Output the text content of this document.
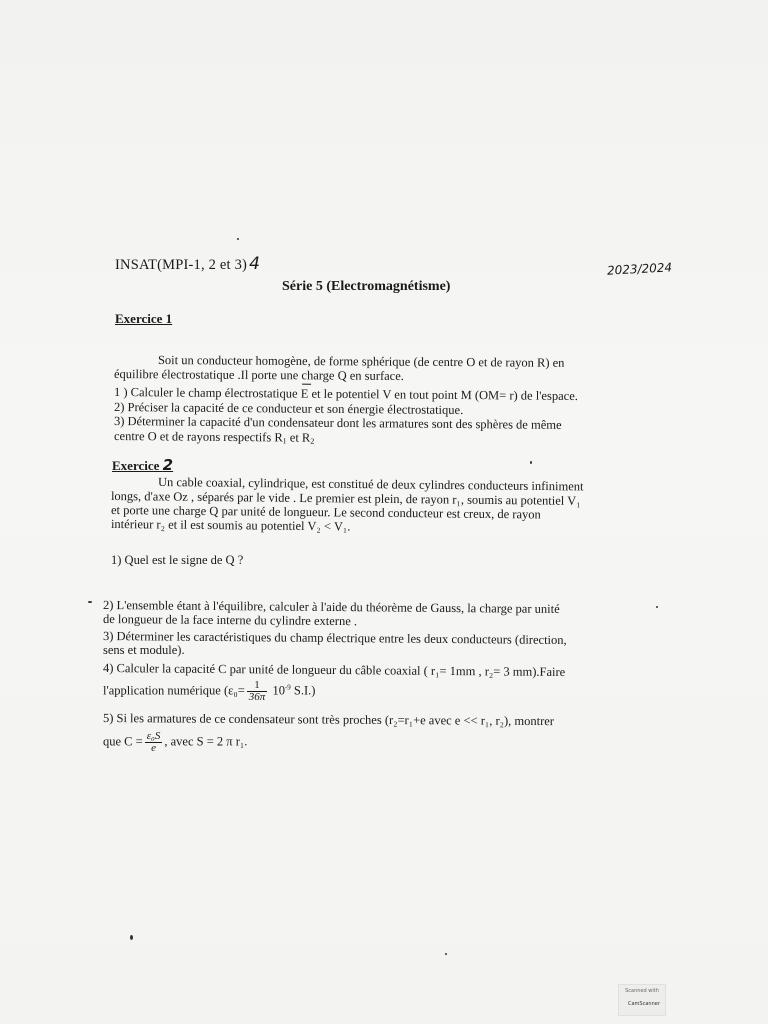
INSAT(MPI-1, 2 et 3) 4	2023/2024
Série 5 (Electromagnétisme)
Exercice 1
Soit un conducteur homogène, de forme sphérique (de centre O et de rayon R) en
équilibre électrostatique .Il porte une charge Q en surface.
1 ) Calculer le champ électrostatique E et le potentiel V en tout point M (OM= r) de l'espace.
2) Préciser la capacité de ce conducteur et son énergie électrostatique.
3) Déterminer la capacité d'un condensateur dont les armatures sont des sphères de même
centre O et de rayons respectifs $R_1$ et $R_2$
Exercice 2
Un cable coaxial, cylindrique, est constitué de deux cylindres conducteurs infiniment
longs, d'axe Oz , séparés par le vide . Le premier est plein, de rayon r₁, soumis au potentiel V₁
et porte une charge Q par unité de longueur. Le second conducteur est creux, de rayon
intérieur r₂ et il est soumis au potentiel V₂ < V₁.
1) Quel est le signe de Q ?
2) L'ensemble étant à l'équilibre, calculer à l'aide du théorème de Gauss, la charge par unité
de longueur de la face interne du cylindre externe .
3) Déterminer les caractéristiques du champ électrique entre les deux conducteurs (direction,
sens et module).
4) Calculer la capacité C par unité de longueur du câble coaxial ( r₁= 1mm , r₂= 3 mm).Faire
l'application numérique ($\varepsilon_0= \frac{1}{36\pi} 10^{-9}$ S.I.)
5) Si les armatures de ce condensateur sont très proches (r₂=r₁+e avec e << r₁, r₂), montrer
que $C = \frac{\text{ε₀S}}{e}$ , avec S = 2 π r₁.
Scanned with
CamScanner
